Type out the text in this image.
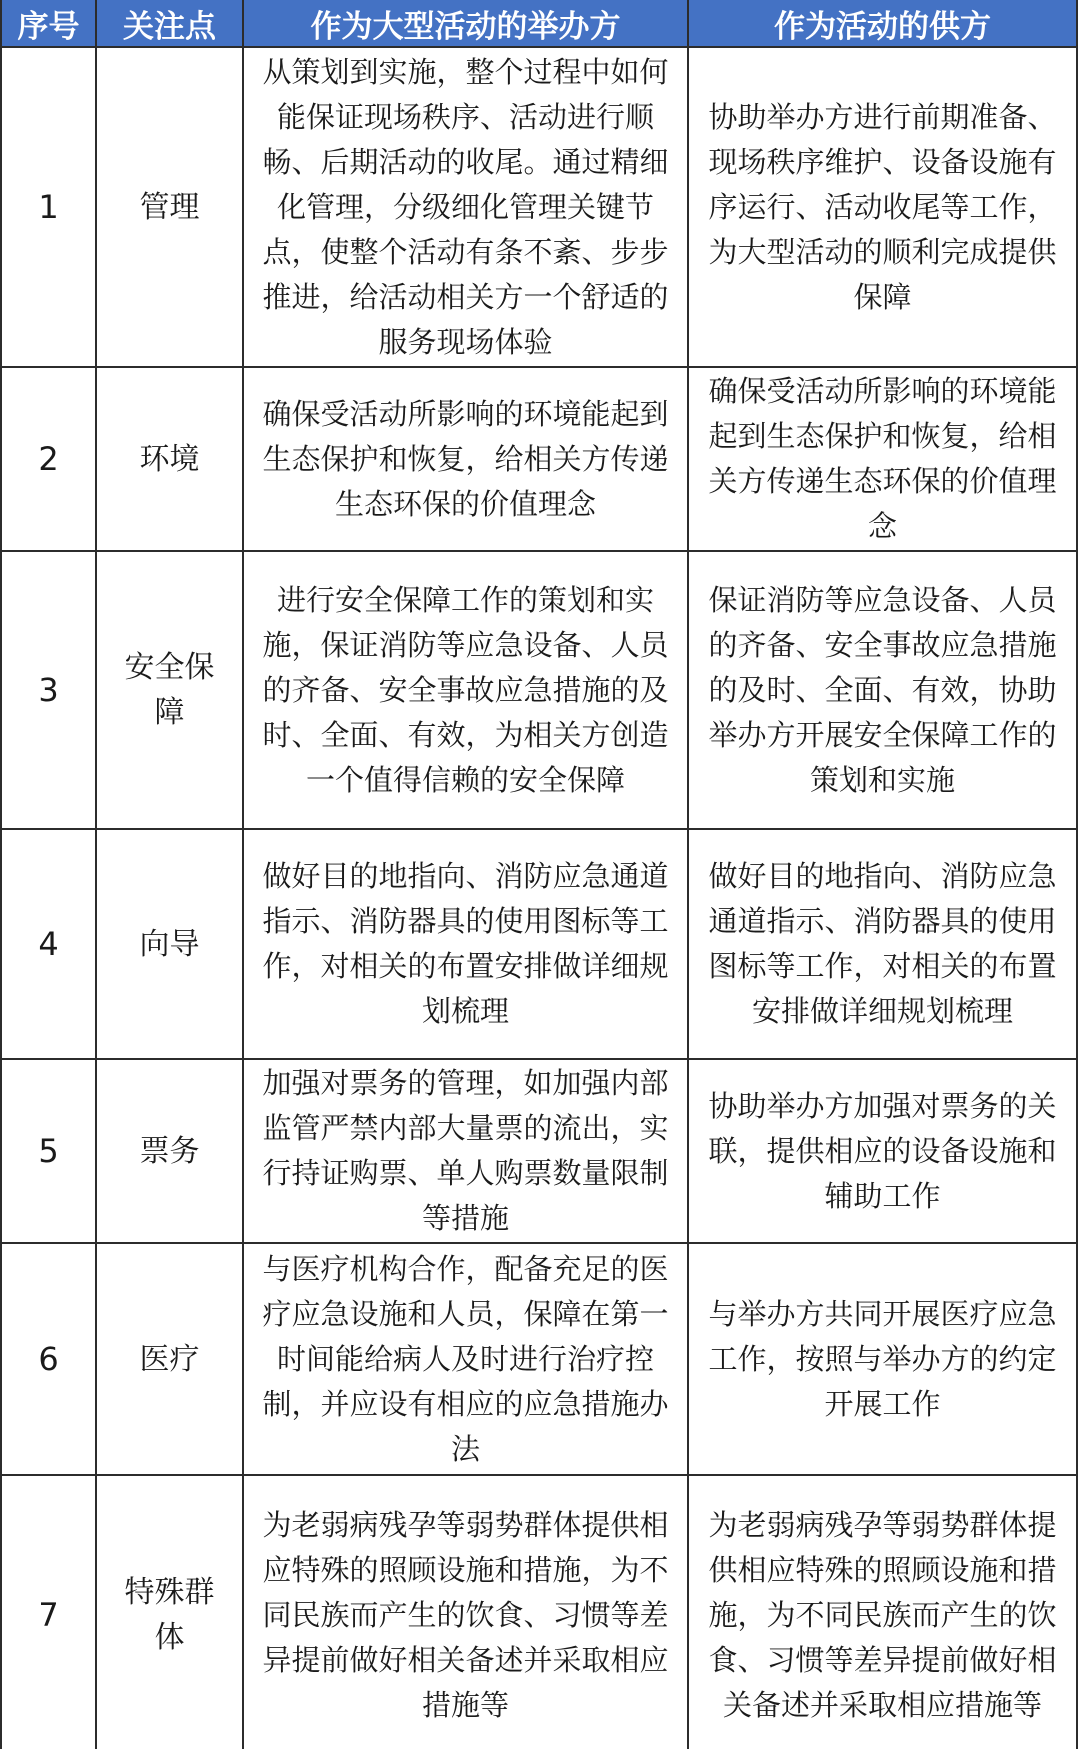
序号	关注点	作为大型活动的举办方	作为活动的供方
1	管理	从策划到实施，整个过程中如何能保证现场秩序、活动进行顺畅、后期活动的收尾。通过精细化管理，分级细化管理关键节点，使整个活动有条不紊、步步推进，给活动相关方一个舒适的服务现场体验	协助举办方进行前期准备、现场秩序维护、设备设施有序运行、活动收尾等工作，为大型活动的顺利完成提供保障
2	环境	确保受活动所影响的环境能起到生态保护和恢复，给相关方传递生态环保的价值理念	确保受活动所影响的环境能起到生态保护和恢复，给相关方传递生态环保的价值理念
3	安全保障	进行安全保障工作的策划和实施，保证消防等应急设备、人员的齐备、安全事故应急措施的及时、全面、有效，为相关方创造一个值得信赖的安全保障	保证消防等应急设备、人员的齐备、安全事故应急措施的及时、全面、有效，协助举办方开展安全保障工作的策划和实施
4	向导	做好目的地指向、消防应急通道指示、消防器具的使用图标等工作，对相关的布置安排做详细规划梳理	做好目的地指向、消防应急通道指示、消防器具的使用图标等工作，对相关的布置安排做详细规划梳理
5	票务	加强对票务的管理，如加强内部监管严禁内部大量票的流出，实行持证购票、单人购票数量限制等措施	协助举办方加强对票务的关联，提供相应的设备设施和辅助工作
6	医疗	与医疗机构合作，配备充足的医疗应急设施和人员，保障在第一时间能给病人及时进行治疗控制，并应设有相应的应急措施办法	与举办方共同开展医疗应急工作，按照与举办方的约定开展工作
7	特殊群体	为老弱病残孕等弱势群体提供相应特殊的照顾设施和措施，为不同民族而产生的饮食、习惯等差异提前做好相关备述并采取相应措施等	为老弱病残孕等弱势群体提供相应特殊的照顾设施和措施，为不同民族而产生的饮食、习惯等差异提前做好相关备述并采取相应措施等
